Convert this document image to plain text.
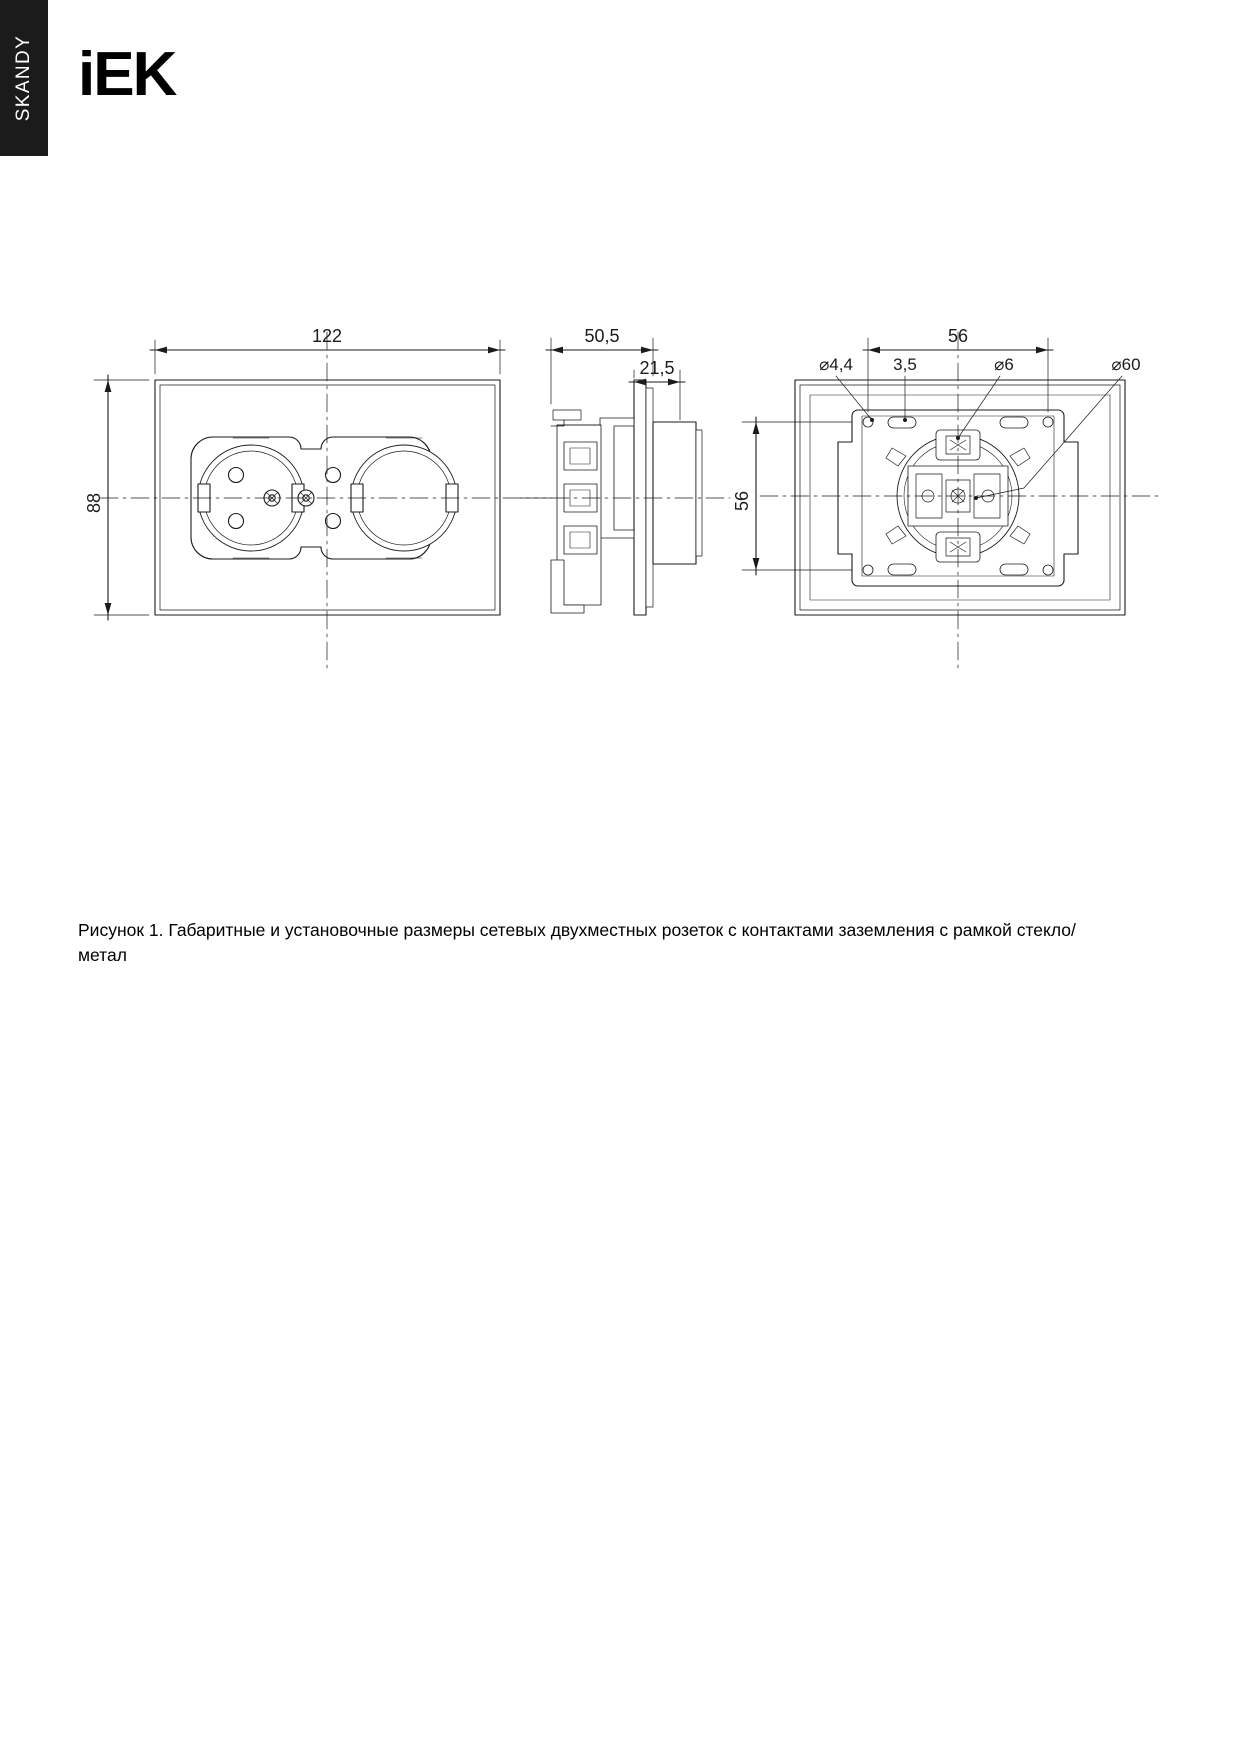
SKANDY iEK
122
88
50,5
21,5
56
56
⌀4,4 3,5	⌀6	⌀60
Рисунок 1. Габаритные и установочные размеры сетевых двухместных розеток с контактами заземления с рамкой стекло/ метал
